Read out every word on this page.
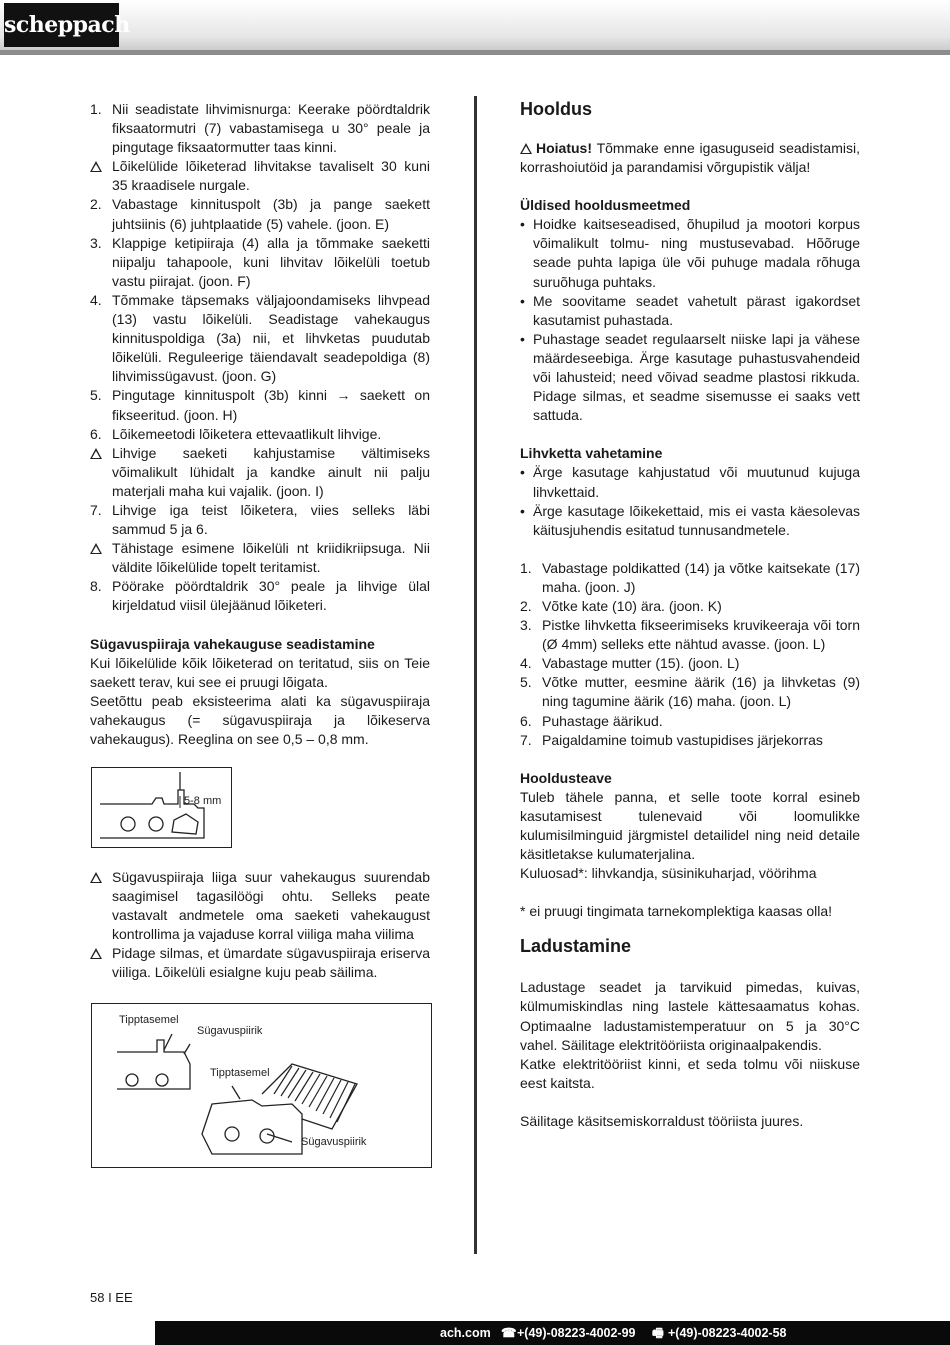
scheppach
1. Nii seadistate lihvimisnurga: Keerake pöördtaldrik fiksaatormutri (7) vabastamisega u 30° peale ja pingutage fiksaatormutter taas kinni.
Lõikelülide lõiketerad lihvitakse tavaliselt 30 kuni 35 kraadisele nurgale.
2. Vabastage kinnituspolt (3b) ja pange saekett juhtsiinis (6) juhtplaatide (5) vahele. (joon. E)
3. Klappige ketipiiraja (4) alla ja tõmmake saeketti niipalju tahapoole, kuni lihvitav lõikelüli toetub vastu piirajat. (joon. F)
4. Tõmmake täpsemaks väljajoondamiseks lihvpead (13) vastu lõikelüli. Seadistage vahekaugus kinnituspoldiga (3a) nii, et lihvketas puudutab lõikelüli. Reguleerige täiendavalt seadepoldiga (8) lihvimissügavust. (joon. G)
5. Pingutage kinnituspolt (3b) kinni → saekett on fikseeritud. (joon. H)
6. Lõikemeetodi lõiketera ettevaatlikult lihvige.
Lihvige saeketi kahjustamise vältimiseks võimalikult lühidalt ja kandke ainult nii palju materjali maha kui vajalik. (joon. I)
7. Lihvige iga teist lõiketera, viies selleks läbi sammud 5 ja 6.
Tähistage esimene lõikelüli nt kriidikriipsuga. Nii väldite lõikelülide topelt teritamist.
8. Pöörake pöördtaldrik 30° peale ja lihvige ülal kirjeldatud viisil ülejäänud lõiketeri.
Sügavuspiiraja vahekauguse seadistamine
Kui lõikelülide kõik lõiketerad on teritatud, siis on Teie saekett terav, kui see ei pruugi lõigata.
Seetõttu peab eksisteerima alati ka sügavuspiiraja vahekaugus (= sügavuspiiraja ja lõikeserva vahekaugus). Reeglina on see 0,5 – 0,8 mm.
5-8 mm
Sügavuspiiraja liiga suur vahekaugus suurendab saagimisel tagasilöögi ohtu. Selleks peate vastavalt andmetele oma saeketi vahekaugust kontrollima ja vajaduse korral viiliga maha viilima
Pidage silmas, et ümardate sügavuspiiraja eriserva viiliga. Lõikelüli esialgne kuju peab säilima.
Tipptasemel
Sügavuspiirik
Tipptasemel
Sügavuspiirik
Hooldus
Hoiatus! Tõmmake enne igasuguseid seadistamisi, korrashoiutöid ja parandamisi võrgupistik välja!
Üldised hooldusmeetmed
• Hoidke kaitseseadised, õhupilud ja mootori korpus võimalikult tolmu- ning mustusevabad. Hõõruge seade puhta lapiga üle või puhuge madala rõhuga suruõhuga puhtaks.
• Me soovitame seadet vahetult pärast igakordset kasutamist puhastada.
• Puhastage seadet regulaarselt niiske lapi ja vähese määrdeseebiga. Ärge kasutage puhastusvahendeid või lahusteid; need võivad seadme plastosi rikkuda. Pidage silmas, et seadme sisemusse ei saaks vett sattuda.
Lihvketta vahetamine
• Ärge kasutage kahjustatud või muutunud kujuga lihvkettaid.
• Ärge kasutage lõikekettaid, mis ei vasta käesolevas käitusjuhendis esitatud tunnusandmetele.
1. Vabastage poldikatted (14) ja võtke kaitsekate (17) maha. (joon. J)
2. Võtke kate (10) ära. (joon. K)
3. Pistke lihvketta fikseerimiseks kruvikeeraja või torn (Ø 4mm) selleks ette nähtud avasse. (joon. L)
4. Vabastage mutter (15). (joon. L)
5. Võtke mutter, eesmine äärik (16) ja lihvketas (9) ning tagumine äärik (16) maha. (joon. L)
6. Puhastage äärikud.
7. Paigaldamine toimub vastupidises järjekorras
Hooldusteave
Tuleb tähele panna, et selle toote korral esineb kasutamisest tulenevaid või loomulikke kulumisilminguid järgmistel detailidel ning neid detaile käsitletakse kulumaterjalina.
Kuluosad*: lihvkandja, süsinikuharjad, vöörihma
* ei pruugi tingimata tarnekomplektiga kaasas olla!
Ladustamine
Ladustage seadet ja tarvikuid pimedas, kuivas, külmumiskindlas ning lastele kättesaamatus kohas. Optimaalne ladustamistemperatuur on 5 ja 30°C vahel. Säilitage elektritööriista originaalpakendis.
Katke elektritööriist kinni, et seda tolmu või niiskuse eest kaitsta.
Säilitage käsitsemiskorraldust tööriista juures.
58 I EE
ach.com ☎ +(49)-08223-4002-99 🖷 +(49)-08223-4002-58
